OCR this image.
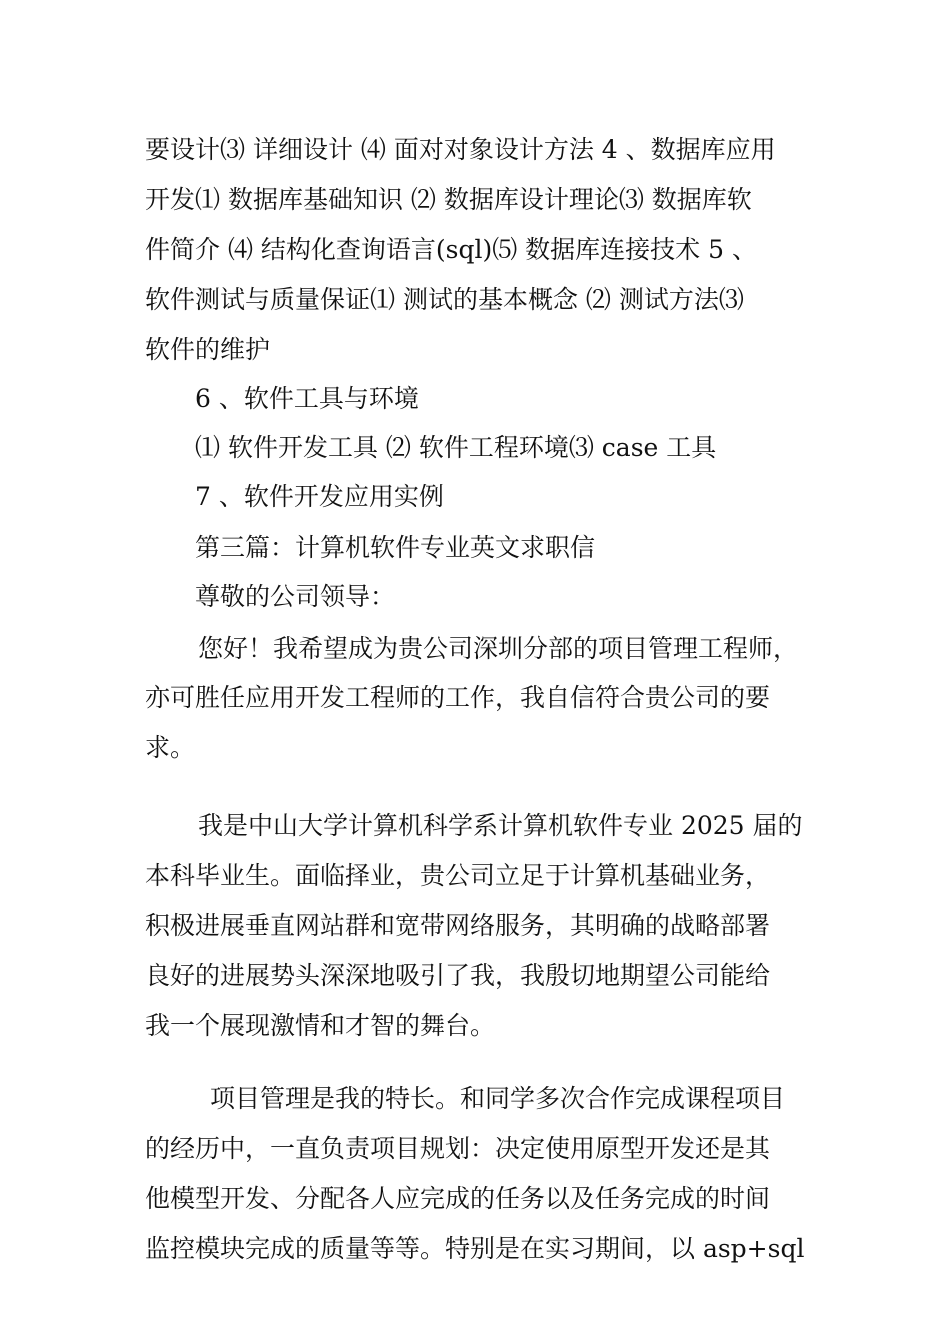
要设计⑶ 详细设计 ⑷ 面对对象设计方法 4 、数据库应用
开发⑴ 数据库基础知识 ⑵ 数据库设计理论⑶ 数据库软
件简介 ⑷ 结构化查询语言(sql)⑸ 数据库连接技术 5 、
软件测试与质量保证⑴ 测试的基本概念 ⑵ 测试方法⑶
软件的维护
6 、软件工具与环境
⑴ 软件开发工具 ⑵ 软件工程环境⑶ case 工具
7 、软件开发应用实例
第三篇：计算机软件专业英文求职信
尊敬的公司领导：
您好！我希望成为贵公司深圳分部的项目管理工程师，
亦可胜任应用开发工程师的工作，我自信符合贵公司的要
求。
我是中山大学计算机科学系计算机软件专业 2025 届的
本科毕业生。面临择业，贵公司立足于计算机基础业务，
积极进展垂直网站群和宽带网络服务，其明确的战略部署
良好的进展势头深深地吸引了我，我殷切地期望公司能给
我一个展现激情和才智的舞台。
项目管理是我的特长。和同学多次合作完成课程项目
的经历中，一直负责项目规划：决定使用原型开发还是其
他模型开发、分配各人应完成的任务以及任务完成的时间
监控模块完成的质量等等。特别是在实习期间，以 asp+sql
